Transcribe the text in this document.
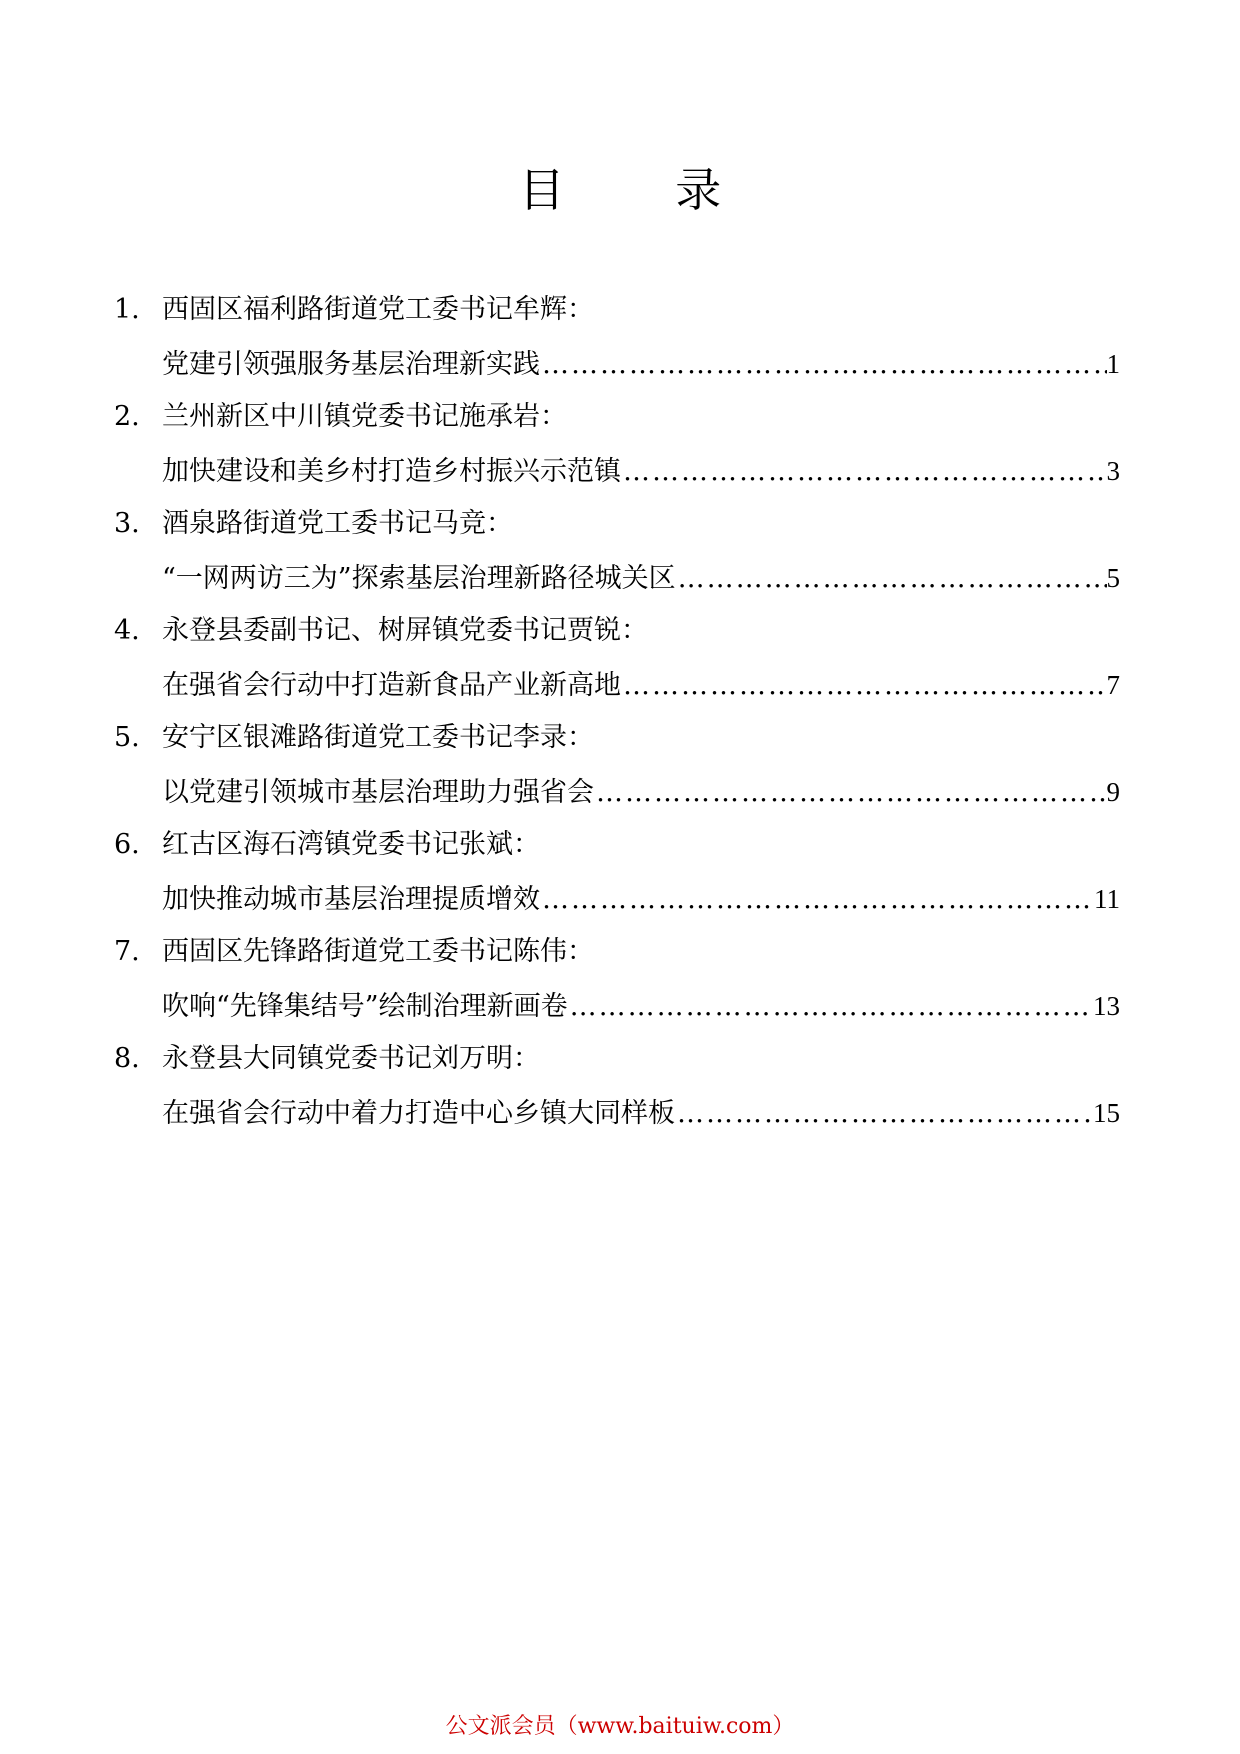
目 录
1. 西固区福利路街道党工委书记牟辉：
党建引领强服务基层治理新实践 ……………………………………………………………………………………………………………………………………………………	1
2. 兰州新区中川镇党委书记施承岩：
加快建设和美乡村打造乡村振兴示范镇 ……………………………………………………………………………………………………………………………………………………	3
3. 酒泉路街道党工委书记马竞：
“一网两访三为”探索基层治理新路径城关区 ……………………………………………………………………………………………………………………………………………………	5
4. 永登县委副书记、树屏镇党委书记贾锐：
在强省会行动中打造新食品产业新高地 ……………………………………………………………………………………………………………………………………………………	7
5. 安宁区银滩路街道党工委书记李录：
以党建引领城市基层治理助力强省会 ……………………………………………………………………………………………………………………………………………………	9
6. 红古区海石湾镇党委书记张斌：
加快推动城市基层治理提质增效 ……………………………………………………………………………………………………………………………………………………	11
7. 西固区先锋路街道党工委书记陈伟：
吹响“先锋集结号”绘制治理新画卷 ……………………………………………………………………………………………………………………………………………………	13
8. 永登县大同镇党委书记刘万明：
在强省会行动中着力打造中心乡镇大同样板 ……………………………………………………………………………………………………………………………………………………	15
公文派会员（www.baituiw.com）
